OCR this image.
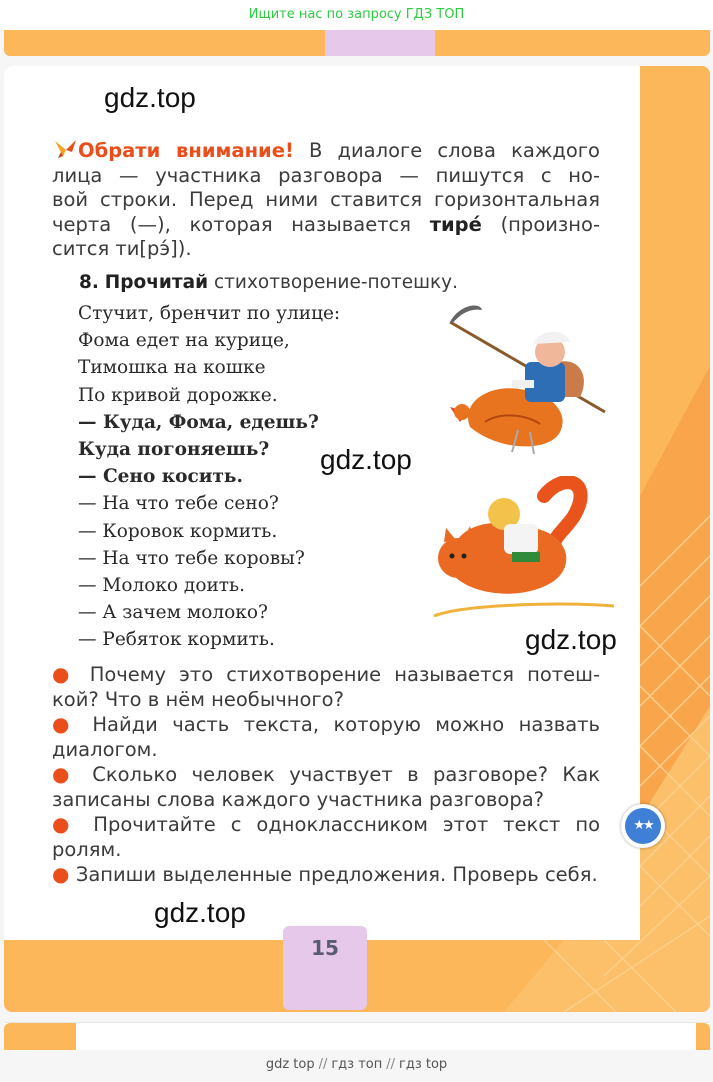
Ищите нас по запросу ГДЗ ТОП
Обрати внимание! В диалоге слова каждого
лица — участника разговора — пишутся с но-
вой строки. Перед ними ставится горизонтальная
черта (—), которая называется тире́ (произно-
сится ти[рэ́]).
8. Прочитай стихотворение-потешку.
Стучит, бренчит по улице:
Фома едет на курице,
Тимошка на кошке
По кривой дорожке.
— Куда, Фома, едешь?
Куда погоняешь?
— Сено косить.
— На что тебе сено?
— Коровок кормить.
— На что тебе коровы?
— Молоко доить.
— А зачем молоко?
— Ребяток кормить.
● Почему это стихотворение называется потеш-кой? Что в нём необычного?
● Найди часть текста, которую можно назвать диалогом.
● Сколько человек участвует в разговоре? Как записаны слова каждого участника разговора?
● Прочитайте с одноклассником этот текст по ролям.
● Запиши выделенные предложения. Проверь себя.
15
★★
gdz.top
gdz.top
gdz.top
gdz.top
gdz top // гдз топ // гдз top
